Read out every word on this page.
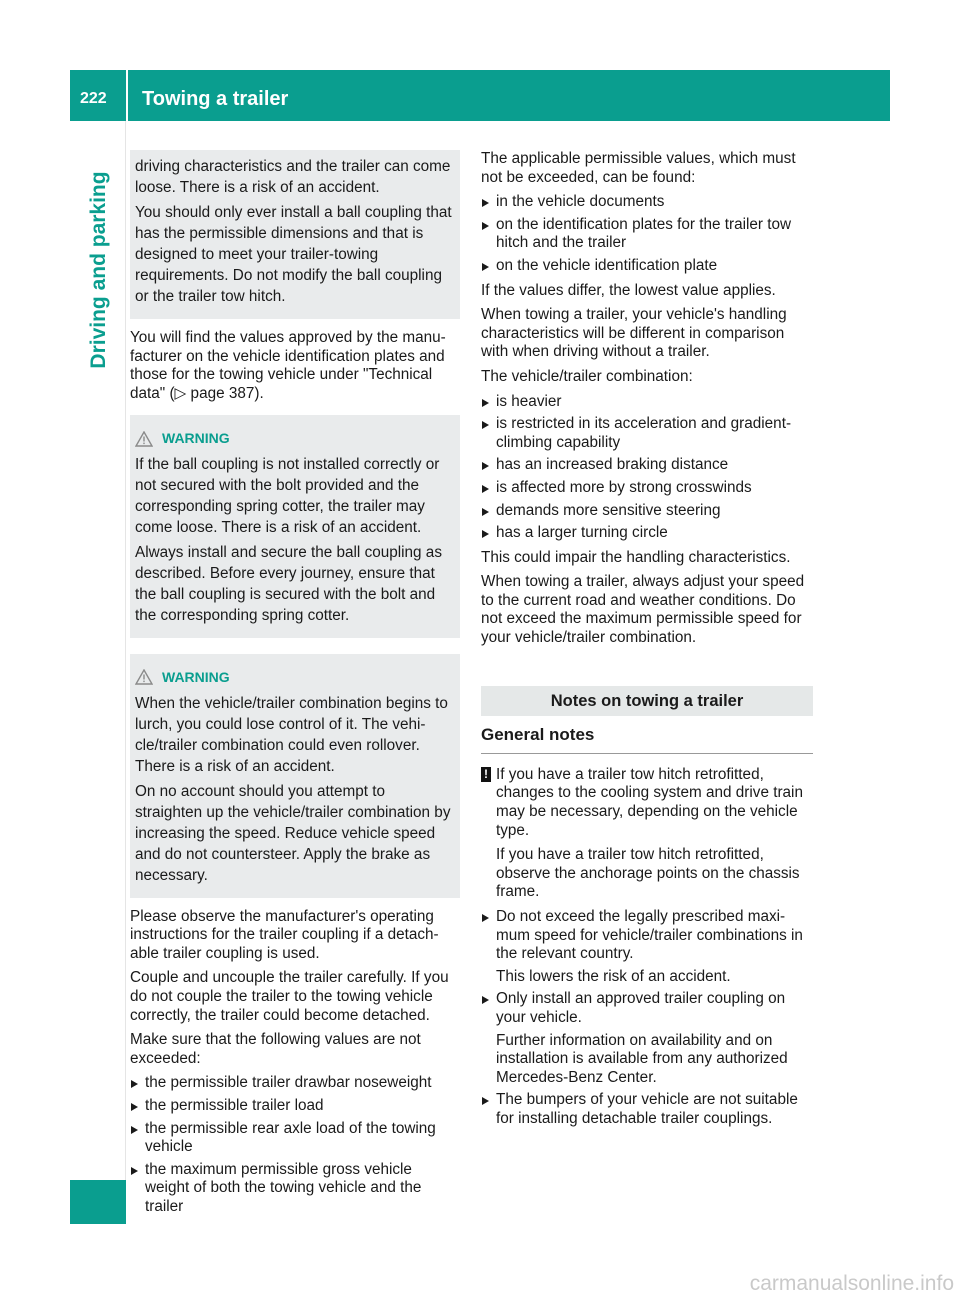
222 Towing a trailer
Driving and parking

driving characteristics and the trailer can come loose. There is a risk of an accident.

You should only ever install a ball coupling that has the permissible dimensions and that is designed to meet your trailer-towing requirements. Do not modify the ball coupling or the trailer tow hitch.

You will find the values approved by the manu-facturer on the vehicle identification plates and those for the towing vehicle under "Technical data" (▷ page 387).

WARNING

If the ball coupling is not installed correctly or not secured with the bolt provided and the corresponding spring cotter, the trailer may come loose. There is a risk of an accident.

Always install and secure the ball coupling as described. Before every journey, ensure that the ball coupling is secured with the bolt and the corresponding spring cotter.

WARNING

When the vehicle/trailer combination begins to lurch, you could lose control of it. The vehi-cle/trailer combination could even rollover. There is a risk of an accident.

On no account should you attempt to straighten up the vehicle/trailer combination by increasing the speed. Reduce vehicle speed and do not countersteer. Apply the brake as necessary.

Please observe the manufacturer's operating instructions for the trailer coupling if a detach-able trailer coupling is used.

Couple and uncouple the trailer carefully. If you do not couple the trailer to the towing vehicle correctly, the trailer could become detached.

Make sure that the following values are not exceeded:

the permissible trailer drawbar noseweight
the permissible trailer load
the permissible rear axle load of the towing vehicle
the maximum permissible gross vehicle weight of both the towing vehicle and the trailer

The applicable permissible values, which must not be exceeded, can be found:

in the vehicle documents
on the identification plates for the trailer tow hitch and the trailer
on the vehicle identification plate

If the values differ, the lowest value applies.

When towing a trailer, your vehicle's handling characteristics will be different in comparison with when driving without a trailer.

The vehicle/trailer combination:

is heavier
is restricted in its acceleration and gradient-climbing capability
has an increased braking distance
is affected more by strong crosswinds
demands more sensitive steering
has a larger turning circle

This could impair the handling characteristics.

When towing a trailer, always adjust your speed to the current road and weather conditions. Do not exceed the maximum permissible speed for your vehicle/trailer combination.

Notes on towing a trailer
General notes
! If you have a trailer tow hitch retrofitted, changes to the cooling system and drive train may be necessary, depending on the vehicle type.

If you have a trailer tow hitch retrofitted, observe the anchorage points on the chassis frame.

Do not exceed the legally prescribed maxi-mum speed for vehicle/trailer combinations in the relevant country.
This lowers the risk of an accident.
Only install an approved trailer coupling on your vehicle.
Further information on availability and on installation is available from any authorized Mercedes-Benz Center.
The bumpers of your vehicle are not suitable for installing detachable trailer couplings.
carmanualsonline.info
